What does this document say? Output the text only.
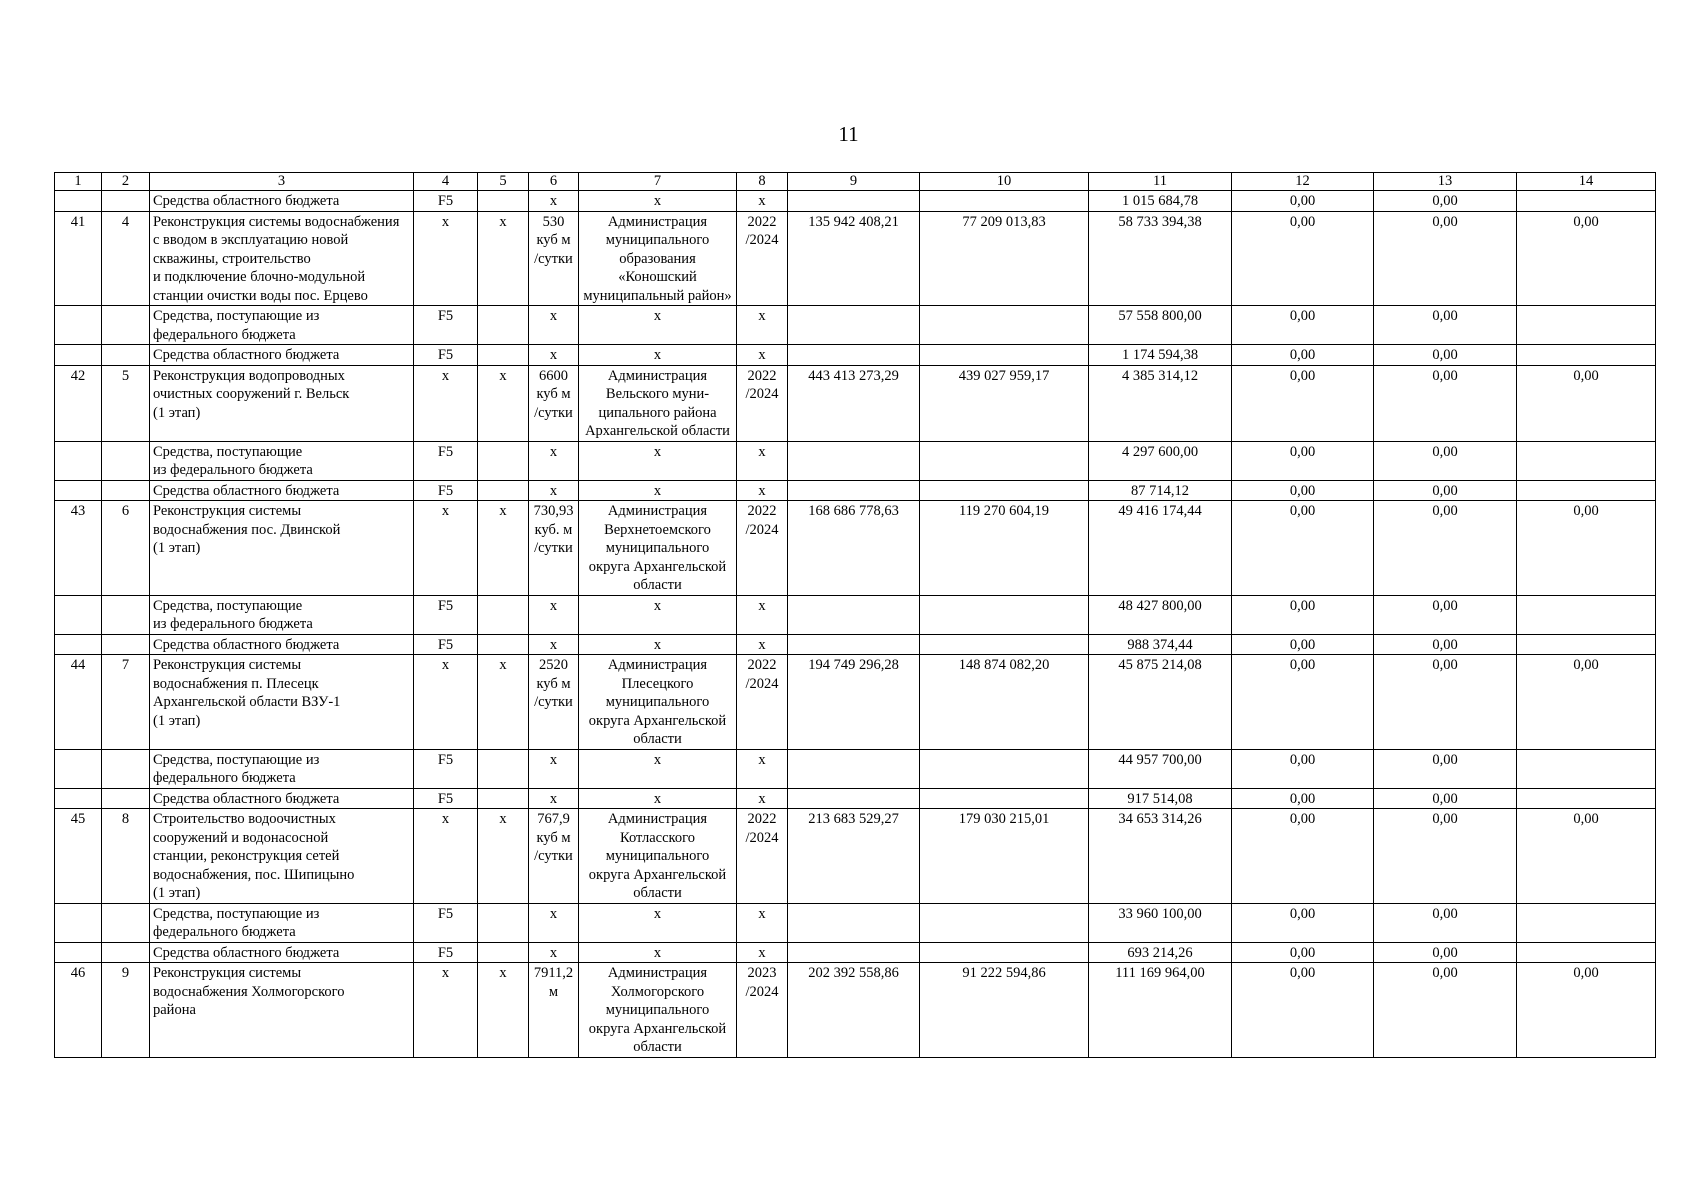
11
1	2	3	4	5	6	7	8	9	10	11	12	13	14
		Средства областного бюджета	F5		х	х	х			1 015 684,78	0,00	0,00	
41	4	Реконструкция системы водоснабжения
с вводом в эксплуатацию новой
скважины, строительство
и подключение блочно-модульной
станции очистки воды пос. Ерцево	х	х	530
куб м
/сутки	Администрация
муниципального
образования
«Коношский
муниципальный район»	2022
/2024	135 942 408,21	77 209 013,83	58 733 394,38	0,00	0,00	0,00
		Средства, поступающие из
федерального бюджета	F5		х	х	х			57 558 800,00	0,00	0,00	
		Средства областного бюджета	F5		х	х	х			1 174 594,38	0,00	0,00	
42	5	Реконструкция водопроводных
очистных сооружений г. Вельск
(1 этап)	х	х	6600
куб м
/сутки	Администрация
Вельского муни-
ципального района
Архангельской области	2022
/2024	443 413 273,29	439 027 959,17	4 385 314,12	0,00	0,00	0,00
		Средства, поступающие
из федерального бюджета	F5		х	х	х			4 297 600,00	0,00	0,00	
		Средства областного бюджета	F5		х	х	х			87 714,12	0,00	0,00	
43	6	Реконструкция системы
водоснабжения пос. Двинской
(1 этап)	х	х	730,93
куб. м
/сутки	Администрация
Верхнетоемского
муниципального
округа Архангельской
области	2022
/2024	168 686 778,63	119 270 604,19	49 416 174,44	0,00	0,00	0,00
		Средства, поступающие
из федерального бюджета	F5		х	х	х			48 427 800,00	0,00	0,00	
		Средства областного бюджета	F5		х	х	х			988 374,44	0,00	0,00	
44	7	Реконструкция системы
водоснабжения п. Плесецк
Архангельской области ВЗУ-1
(1 этап)	х	х	2520
куб м
/сутки	Администрация
Плесецкого
муниципального
округа Архангельской
области	2022
/2024	194 749 296,28	148 874 082,20	45 875 214,08	0,00	0,00	0,00
		Средства, поступающие из
федерального бюджета	F5		х	х	х			44 957 700,00	0,00	0,00	
		Средства областного бюджета	F5		х	х	х			917 514,08	0,00	0,00	
45	8	Строительство водоочистных
сооружений и водонасосной
станции, реконструкция сетей
водоснабжения, пос. Шипицыно
(1 этап)	х	х	767,9
куб м
/сутки	Администрация
Котласского
муниципального
округа Архангельской
области	2022
/2024	213 683 529,27	179 030 215,01	34 653 314,26	0,00	0,00	0,00
		Средства, поступающие из
федерального бюджета	F5		х	х	х			33 960 100,00	0,00	0,00	
		Средства областного бюджета	F5		х	х	х			693 214,26	0,00	0,00	
46	9	Реконструкция системы
водоснабжения Холмогорского
района	х	х	7911,2
м	Администрация
Холмогорского
муниципального
округа Архангельской
области	2023
/2024	202 392 558,86	91 222 594,86	111 169 964,00	0,00	0,00	0,00
